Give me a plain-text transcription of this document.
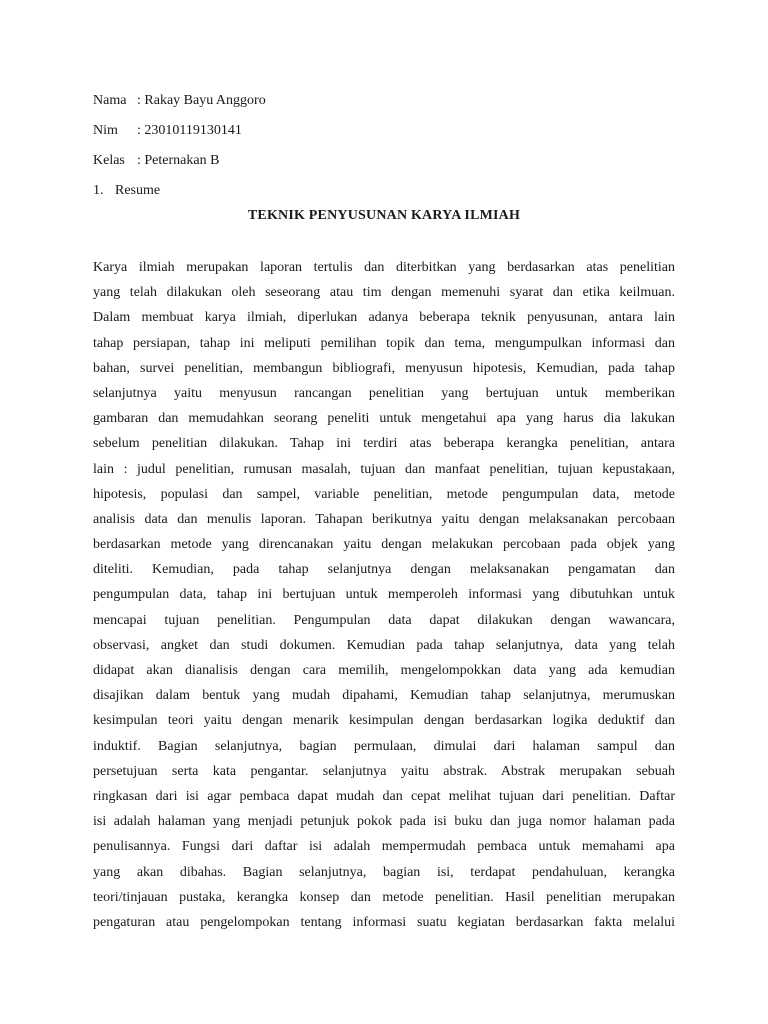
Nama : Rakay Bayu Anggoro
Nim	: 23010119130141
Kelas : Peternakan B
1. Resume
TEKNIK PENYUSUNAN KARYA ILMIAH
Karya ilmiah merupakan laporan tertulis dan diterbitkan yang berdasarkan atas penelitian
yang telah dilakukan oleh seseorang atau tim dengan memenuhi syarat dan etika keilmuan.
Dalam membuat karya ilmiah, diperlukan adanya beberapa teknik penyusunan, antara lain
tahap persiapan, tahap ini meliputi pemilihan topik dan tema, mengumpulkan informasi dan
bahan, survei penelitian, membangun bibliografi, menyusun hipotesis, Kemudian, pada tahap
selanjutnya yaitu menyusun rancangan penelitian yang bertujuan untuk memberikan
gambaran dan memudahkan seorang peneliti untuk mengetahui apa yang harus dia lakukan
sebelum penelitian dilakukan. Tahap ini terdiri atas beberapa kerangka penelitian, antara
lain : judul penelitian, rumusan masalah, tujuan dan manfaat penelitian, tujuan kepustakaan,
hipotesis, populasi dan sampel, variable penelitian, metode pengumpulan data, metode
analisis data dan menulis laporan. Tahapan berikutnya yaitu dengan melaksanakan percobaan
berdasarkan metode yang direncanakan yaitu dengan melakukan percobaan pada objek yang
diteliti. Kemudian, pada tahap selanjutnya dengan melaksanakan pengamatan dan
pengumpulan data, tahap ini bertujuan untuk memperoleh informasi yang dibutuhkan untuk
mencapai tujuan penelitian. Pengumpulan data dapat dilakukan dengan wawancara,
observasi, angket dan studi dokumen. Kemudian pada tahap selanjutnya, data yang telah
didapat akan dianalisis dengan cara memilih, mengelompokkan data yang ada kemudian
disajikan dalam bentuk yang mudah dipahami, Kemudian tahap selanjutnya, merumuskan
kesimpulan teori yaitu dengan menarik kesimpulan dengan berdasarkan logika deduktif dan
induktif. Bagian selanjutnya, bagian permulaan, dimulai dari halaman sampul dan
persetujuan serta kata pengantar. selanjutnya yaitu abstrak. Abstrak merupakan sebuah
ringkasan dari isi agar pembaca dapat mudah dan cepat melihat tujuan dari penelitian. Daftar
isi adalah halaman yang menjadi petunjuk pokok pada isi buku dan juga nomor halaman pada
penulisannya. Fungsi dari daftar isi adalah mempermudah pembaca untuk memahami apa
yang akan dibahas. Bagian selanjutnya, bagian isi, terdapat pendahuluan, kerangka
teori/tinjauan pustaka, kerangka konsep dan metode penelitian. Hasil penelitian merupakan
pengaturan atau pengelompokan tentang informasi suatu kegiatan berdasarkan fakta melalui
